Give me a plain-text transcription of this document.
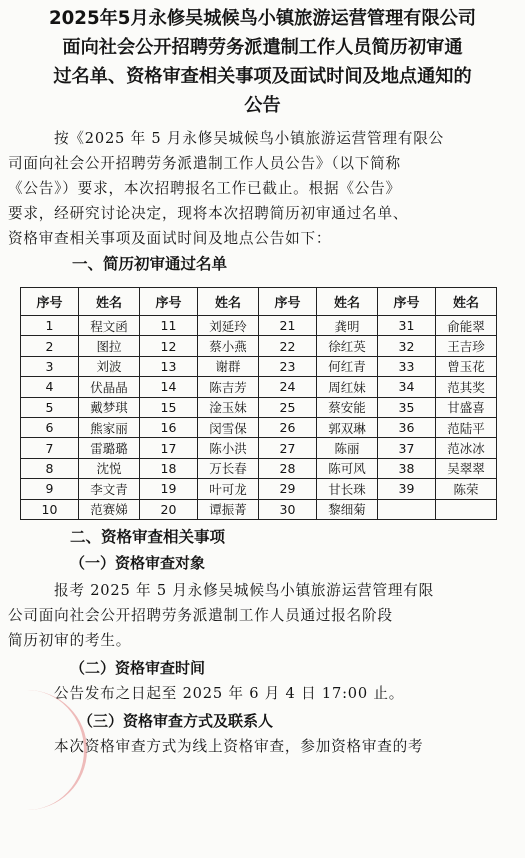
2025年5月永修吴城候鸟小镇旅游运营管理有限公司

面向社会公开招聘劳务派遣制工作人员简历初审通

过名单、资格审查相关事项及面试时间及地点通知的

公告

按《2025 年 5 月永修吴城候鸟小镇旅游运营管理有限公

司面向社会公开招聘劳务派遣制工作人员公告》（以下简称

《公告》）要求，本次招聘报名工作已截止。根据《公告》

要求，经研究讨论决定，现将本次招聘简历初审通过名单、

资格审查相关事项及面试时间及地点公告如下：

一、简历初审通过名单

序号	姓名	序号	姓名	序号	姓名	序号	姓名
1	程文函	11	刘延玲	21	龚明	31	俞能翠
2	图拉	12	蔡小燕	22	徐红英	32	王吉珍
3	刘波	13	谢群	23	何红青	33	曾玉花
4	伏晶晶	14	陈吉芳	24	周红妹	34	范其奖
5	戴梦琪	15	淦玉妹	25	蔡安能	35	甘盛喜
6	熊家丽	16	闵雪保	26	郭双琳	36	范陆平
7	雷璐璐	17	陈小洪	27	陈丽	37	范冰冰
8	沈悦	18	万长春	28	陈可风	38	吴翠翠
9	李文青	19	叶可龙	29	甘长珠	39	陈荣
10	范赛娣	20	谭振菁	30	黎细菊		

二、资格审查相关事项

（一）资格审查对象

报考 2025 年 5 月永修吴城候鸟小镇旅游运营管理有限

公司面向社会公开招聘劳务派遣制工作人员通过报名阶段

简历初审的考生。

（二）资格审查时间

公告发布之日起至 2025 年 6 月 4 日 17:00 止。

（三）资格审查方式及联系人

本次资格审查方式为线上资格审查，参加资格审查的考
